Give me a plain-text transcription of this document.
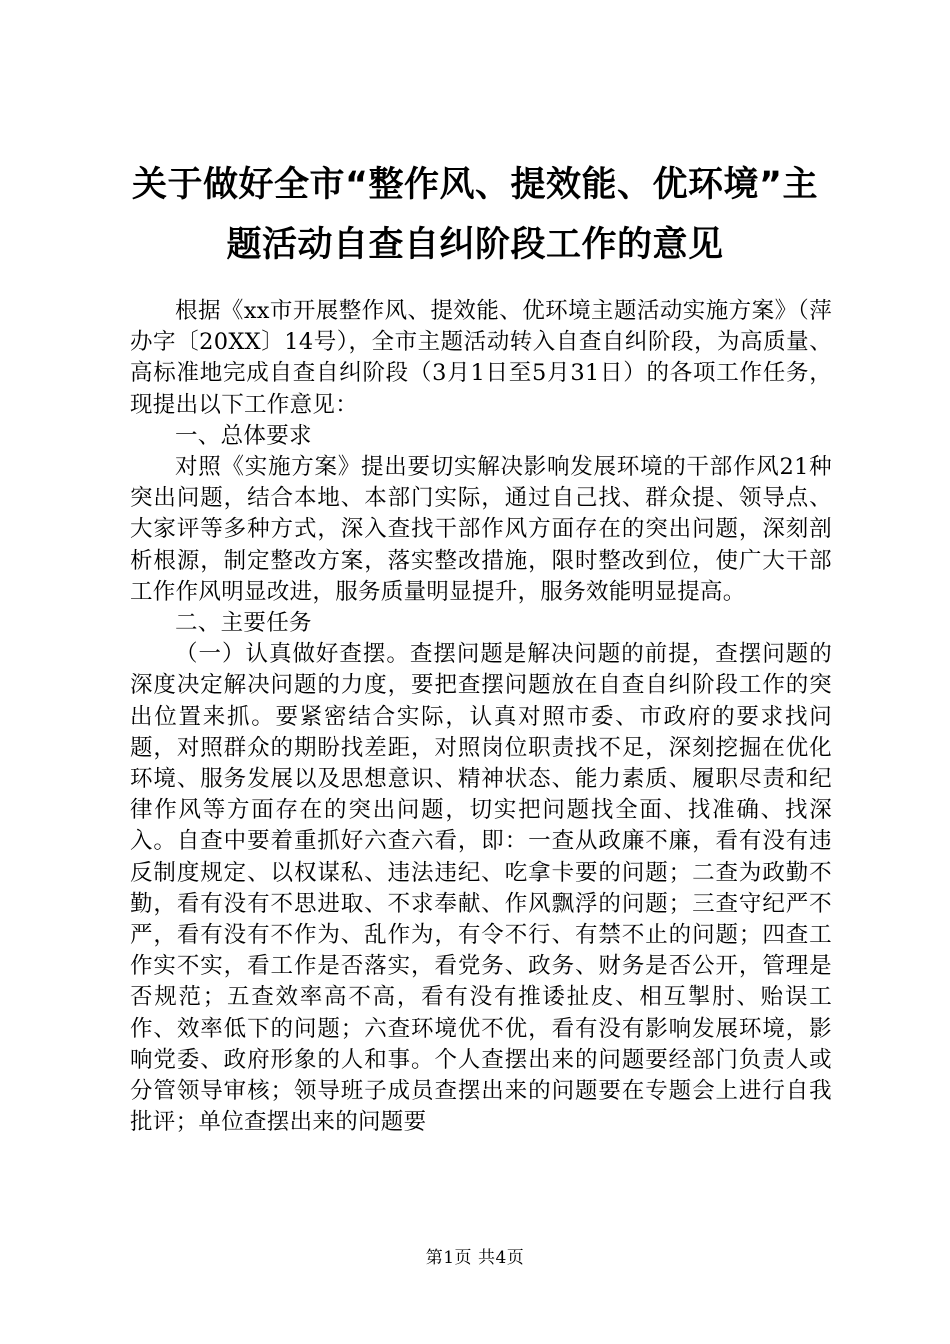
关于做好全市“整作风、提效能、优环境”主
题活动自查自纠阶段工作的意见

根据《xx市开展整作风、提效能、优环境主题活动实施方案》（萍办字〔20XX〕14号），全市主题活动转入自查自纠阶段，为高质量、高标准地完成自查自纠阶段（3月1日至5月31日）的各项工作任务，现提出以下工作意见：

一、总体要求

对照《实施方案》提出要切实解决影响发展环境的干部作风21种突出问题，结合本地、本部门实际，通过自己找、群众提、领导点、大家评等多种方式，深入查找干部作风方面存在的突出问题，深刻剖析根源，制定整改方案，落实整改措施，限时整改到位，使广大干部工作作风明显改进，服务质量明显提升，服务效能明显提高。

二、主要任务

（一）认真做好查摆。查摆问题是解决问题的前提，查摆问题的深度决定解决问题的力度，要把查摆问题放在自查自纠阶段工作的突出位置来抓。要紧密结合实际，认真对照市委、市政府的要求找问题，对照群众的期盼找差距，对照岗位职责找不足，深刻挖掘在优化环境、服务发展以及思想意识、精神状态、能力素质、履职尽责和纪律作风等方面存在的突出问题，切实把问题找全面、找准确、找深入。自查中要着重抓好六查六看，即：一查从政廉不廉，看有没有违反制度规定、以权谋私、违法违纪、吃拿卡要的问题；二查为政勤不勤，看有没有不思进取、不求奉献、作风飘浮的问题；三查守纪严不严，看有没有不作为、乱作为，有令不行、有禁不止的问题；四查工作实不实，看工作是否落实，看党务、政务、财务是否公开，管理是否规范；五查效率高不高，看有没有推诿扯皮、相互掣肘、贻误工作、效率低下的问题；六查环境优不优，看有没有影响发展环境，影响党委、政府形象的人和事。个人查摆出来的问题要经部门负责人或分管领导审核；领导班子成员查摆出来的问题要在专题会上进行自我批评；单位查摆出来的问题要

第1页 共4页
